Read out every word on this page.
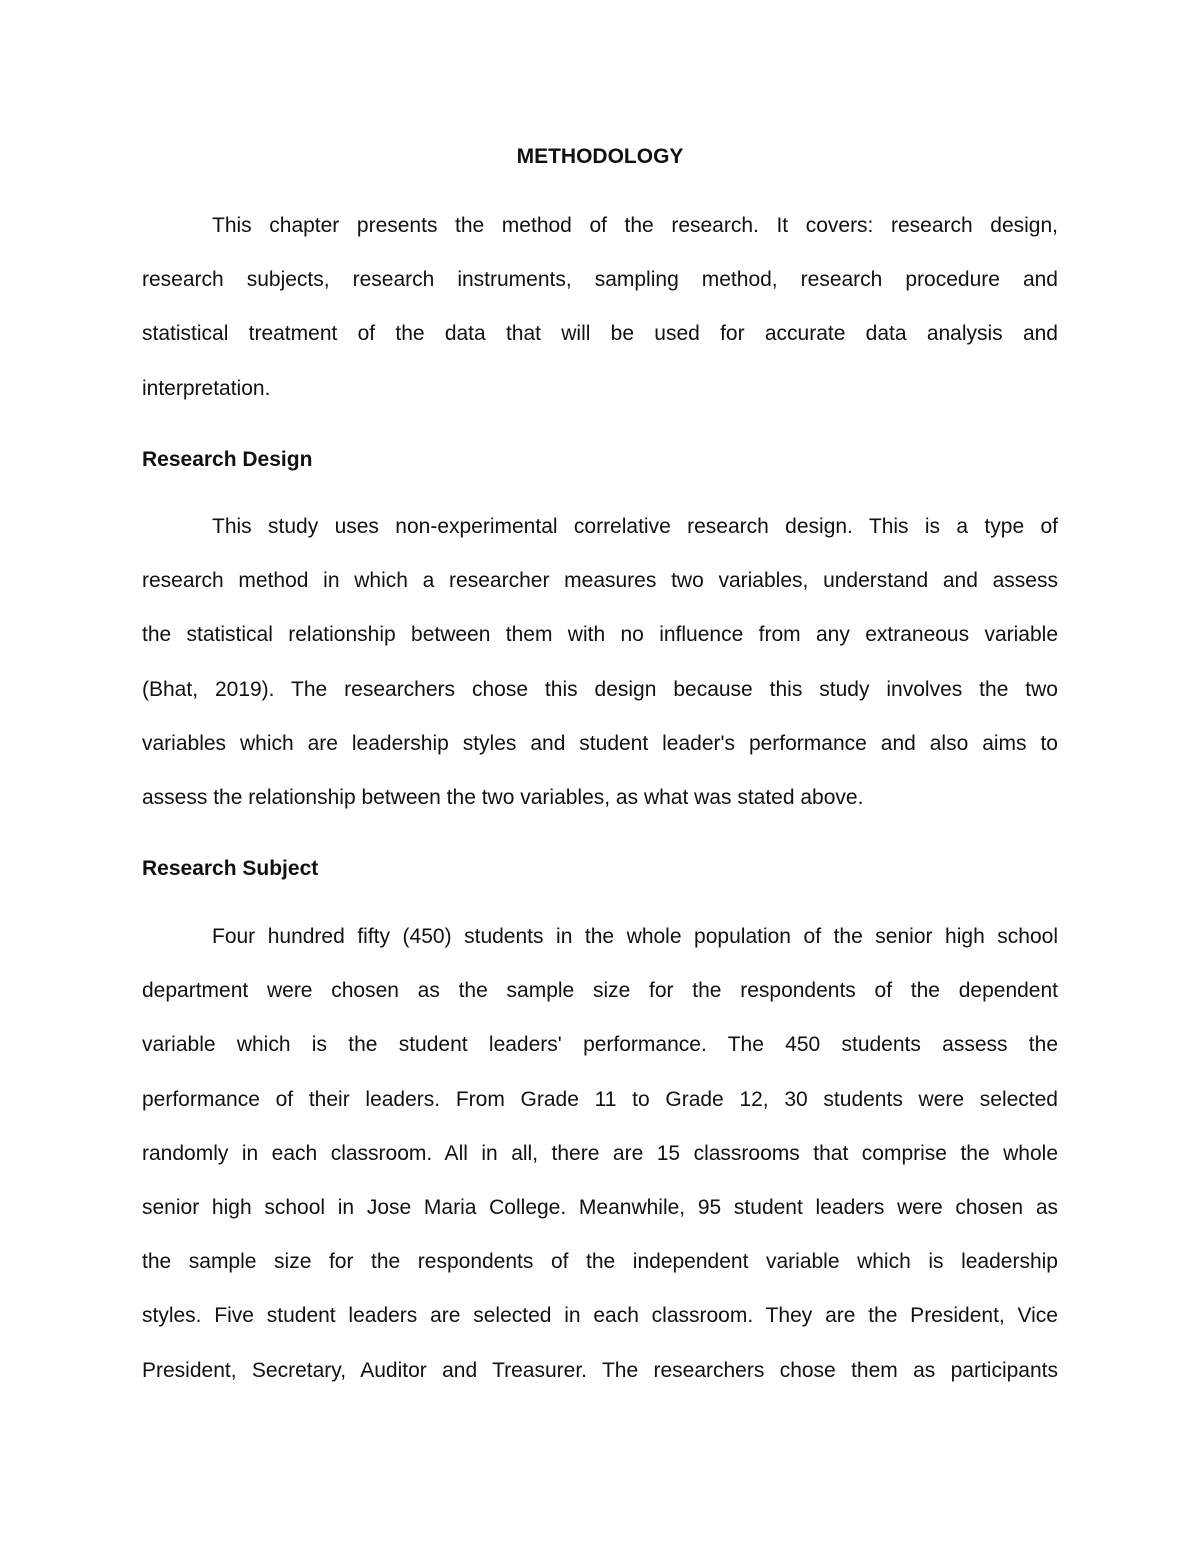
METHODOLOGY
This chapter presents the method of the research. It covers: research design,
research subjects, research instruments, sampling method, research procedure and
statistical treatment of the data that will be used for accurate data analysis and
interpretation.
Research Design
This study uses non-experimental correlative research design. This is a type of
research method in which a researcher measures two variables, understand and assess
the statistical relationship between them with no influence from any extraneous variable
(Bhat, 2019). The researchers chose this design because this study involves the two
variables which are leadership styles and student leader's performance and also aims to
assess the relationship between the two variables, as what was stated above.
Research Subject
Four hundred fifty (450) students in the whole population of the senior high school
department were chosen as the sample size for the respondents of the dependent
variable which is the student leaders' performance. The 450 students assess the
performance of their leaders. From Grade 11 to Grade 12, 30 students were selected
randomly in each classroom. All in all, there are 15 classrooms that comprise the whole
senior high school in Jose Maria College. Meanwhile, 95 student leaders were chosen as
the sample size for the respondents of the independent variable which is leadership
styles. Five student leaders are selected in each classroom. They are the President, Vice
President, Secretary, Auditor and Treasurer. The researchers chose them as participants
